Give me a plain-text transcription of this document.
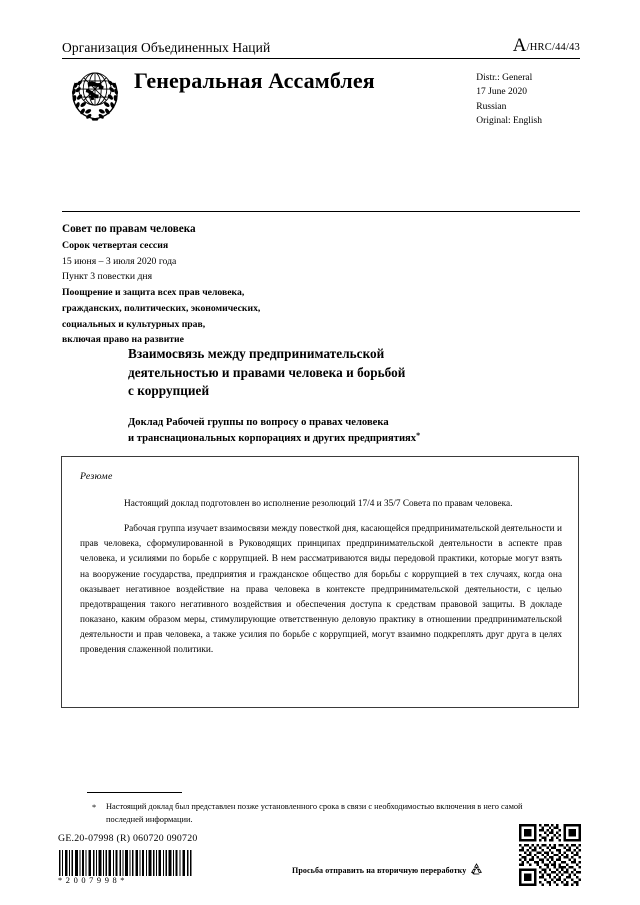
Организация Объединенных Наций	A/HRC/44/43
Генеральная Ассамблея	Distr.: General
17 June 2020
Russian
Original: English
Совет по правам человека
Сорок четвертая сессия
15 июня – 3 июля 2020 года
Пункт 3 повестки дня
Поощрение и защита всех прав человека,
гражданских, политических, экономических,
социальных и культурных прав,
включая право на развитие
Взаимосвязь между предпринимательской
деятельностью и правами человека и борьбой
с коррупцией
Доклад Рабочей группы по вопросу о правах человека
и транснациональных корпорациях и других предприятиях*
Резюме

Настоящий доклад подготовлен во исполнение резолюций 17/4 и 35/7 Совета по правам человека.

Рабочая группа изучает взаимосвязи между повесткой дня, касающейся предпринимательской деятельности и прав человека, сформулированной в Руководящих принципах предпринимательской деятельности в аспекте прав человека, и усилиями по борьбе с коррупцией. В нем рассматриваются виды передовой практики, которые могут взять на вооружение государства, предприятия и гражданское общество для борьбы с коррупцией в тех случаях, когда она оказывает негативное воздействие на права человека в контексте предпринимательской деятельности, с целью предотвращения такого негативного воздействия и обеспечения доступа к средствам правовой защиты. В докладе показано, каким образом меры, стимулирующие ответственную деловую практику в отношении предпринимательской деятельности и прав человека, а также усилия по борьбе с коррупцией, могут взаимно подкреплять друг друга в целях проведения слаженной политики.

* Настоящий доклад был представлен позже установленного срока в связи с необходимостью включения в него самой последней информации.
GE.20-07998 (R) 060720 090720
*2007998*
Просьба отправить на вторичную переработку
